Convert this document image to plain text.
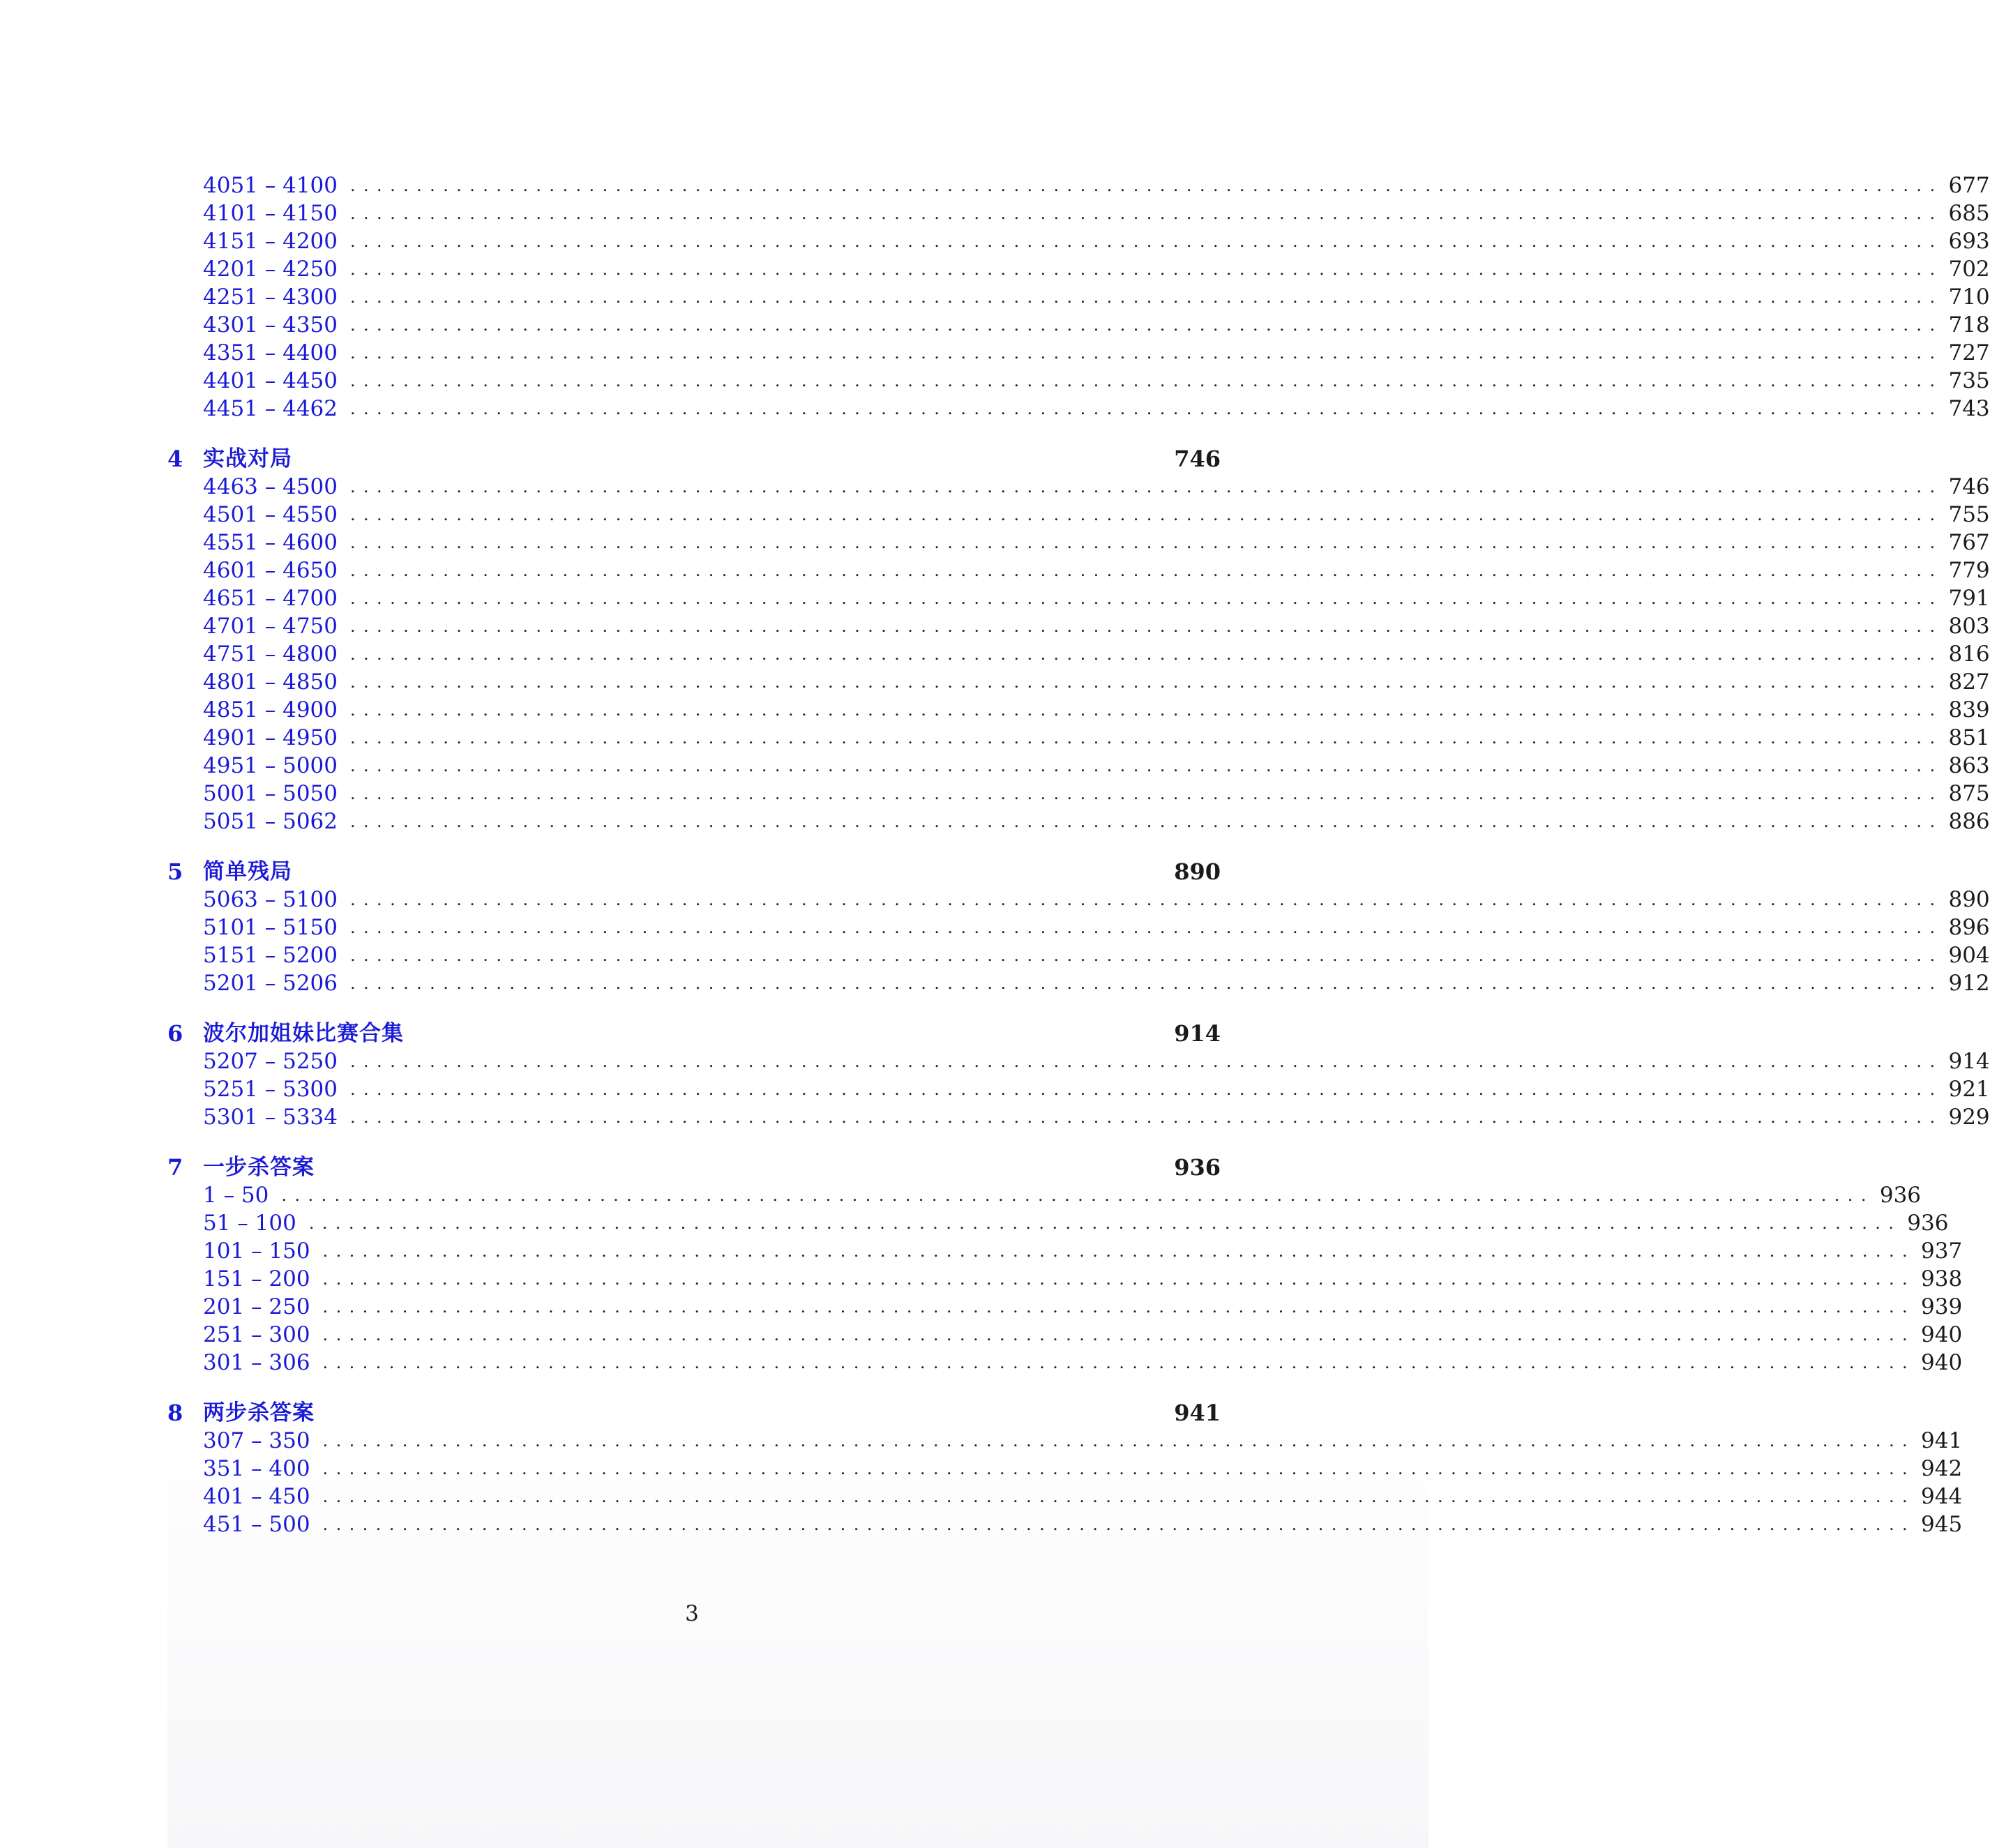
4051 – 4100 ........................................................................................................................ 677
4101 – 4150 ........................................................................................................................ 685
4151 – 4200 ........................................................................................................................ 693
4201 – 4250 ........................................................................................................................ 702
4251 – 4300 ........................................................................................................................ 710
4301 – 4350 ........................................................................................................................ 718
4351 – 4400 ........................................................................................................................ 727
4401 – 4450 ........................................................................................................................ 735
4451 – 4462 ........................................................................................................................ 743
4 实战对局	746
4463 – 4500 ........................................................................................................................ 746
4501 – 4550 ........................................................................................................................ 755
4551 – 4600 ........................................................................................................................ 767
4601 – 4650 ........................................................................................................................ 779
4651 – 4700 ........................................................................................................................ 791
4701 – 4750 ........................................................................................................................ 803
4751 – 4800 ........................................................................................................................ 816
4801 – 4850 ........................................................................................................................ 827
4851 – 4900 ........................................................................................................................ 839
4901 – 4950 ........................................................................................................................ 851
4951 – 5000 ........................................................................................................................ 863
5001 – 5050 ........................................................................................................................ 875
5051 – 5062 ........................................................................................................................ 886
5 简单残局	890
5063 – 5100 ........................................................................................................................ 890
5101 – 5150 ........................................................................................................................ 896
5151 – 5200 ........................................................................................................................ 904
5201 – 5206 ........................................................................................................................ 912
6 波尔加姐妹比赛合集	914
5207 – 5250 ........................................................................................................................ 914
5251 – 5300 ........................................................................................................................ 921
5301 – 5334 ........................................................................................................................ 929
7 一步杀答案	936
1 – 50 ........................................................................................................................ 936
51 – 100 ........................................................................................................................ 936
101 – 150 ........................................................................................................................ 937
151 – 200 ........................................................................................................................ 938
201 – 250 ........................................................................................................................ 939
251 – 300 ........................................................................................................................ 940
301 – 306 ........................................................................................................................ 940
8 两步杀答案	941
307 – 350 ........................................................................................................................ 941
351 – 400 ........................................................................................................................ 942
401 – 450 ........................................................................................................................ 944
451 – 500 ........................................................................................................................ 945
3
